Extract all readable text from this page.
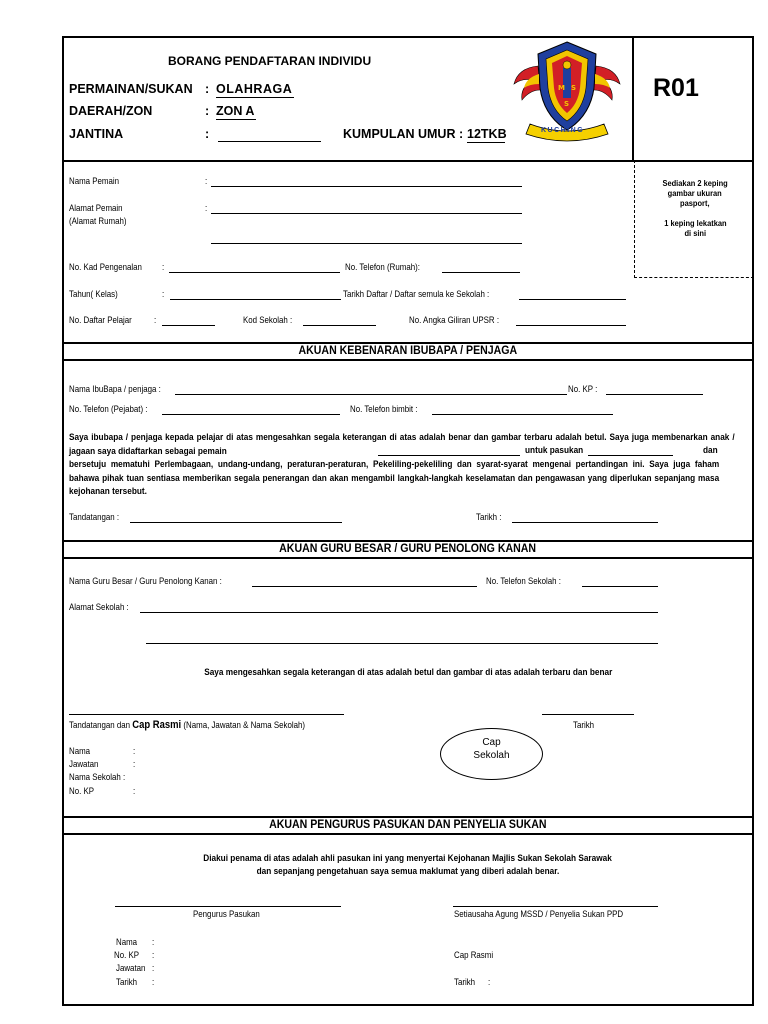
BORANG PENDAFTARAN INDIVIDU
PERMAINAN/SUKAN : OLAHRAGA
DAERAH/ZON	: ZON A
JANTINA	:	KUMPULAN UMUR : 12TKB
M S
S
KUCHING
R01
Sediakan 2 keping
gambar ukuran
pasport,

1 keping lekatkan
di sini
Nama Pemain	:
Alamat Pemain
(Alamat Rumah)
:
No. Kad Pengenalan :	No. Telefon (Rumah):
Tahun( Kelas)	:	Tarikh Daftar / Daftar semula ke Sekolah :
No. Daftar Pelajar :	Kod Sekolah :	No. Angka Giliran UPSR :
AKUAN KEBENARAN IBUBAPA / PENJAGA
Nama IbuBapa / penjaga :	No. KP :
No. Telefon (Pejabat) :	No. Telefon bimbit :
Saya ibubapa / penjaga kepada pelajar di atas mengesahkan segala keterangan di atas adalah benar dan gambar terbaru adalah betul. Saya juga membenarkan anak / jagaan saya didaftarkan sebagai pemain	untuk pasukan	dan
bersetuju mematuhi Perlembagaan, undang-undang, peraturan-peraturan, Pekeliling-pekeliling dan syarat-syarat mengenai pertandingan ini. Saya juga faham bahawa pihak tuan sentiasa memberikan segala penerangan dan akan mengambil langkah-langkah keselamatan dan pengawasan yang diperlukan sepanjang masa kejohanan tersebut.
Tandatangan :	Tarikh :
AKUAN GURU BESAR / GURU PENOLONG KANAN
Nama Guru Besar / Guru Penolong Kanan :	No. Telefon Sekolah :
Alamat Sekolah :
Saya mengesahkan segala keterangan di atas adalah betul dan gambar di atas adalah terbaru dan benar
Tandatangan dan Cap Rasmi (Nama, Jawatan & Nama Sekolah)	Tarikh
Cap
Sekolah
Nama	:
Jawatan	:
Nama Sekolah :
No. KP	:
AKUAN PENGURUS PASUKAN DAN PENYELIA SUKAN
Diakui penama di atas adalah ahli pasukan ini yang menyertai Kejohanan Majlis Sukan Sekolah Sarawak
dan sepanjang pengetahuan saya semua maklumat yang diberi adalah benar.
Pengurus Pasukan	Setiausaha Agung MSSD / Penyelia Sukan PPD
Nama :
No. KP :
Jawatan :
Tarikh :
Cap Rasmi
Tarikh :
